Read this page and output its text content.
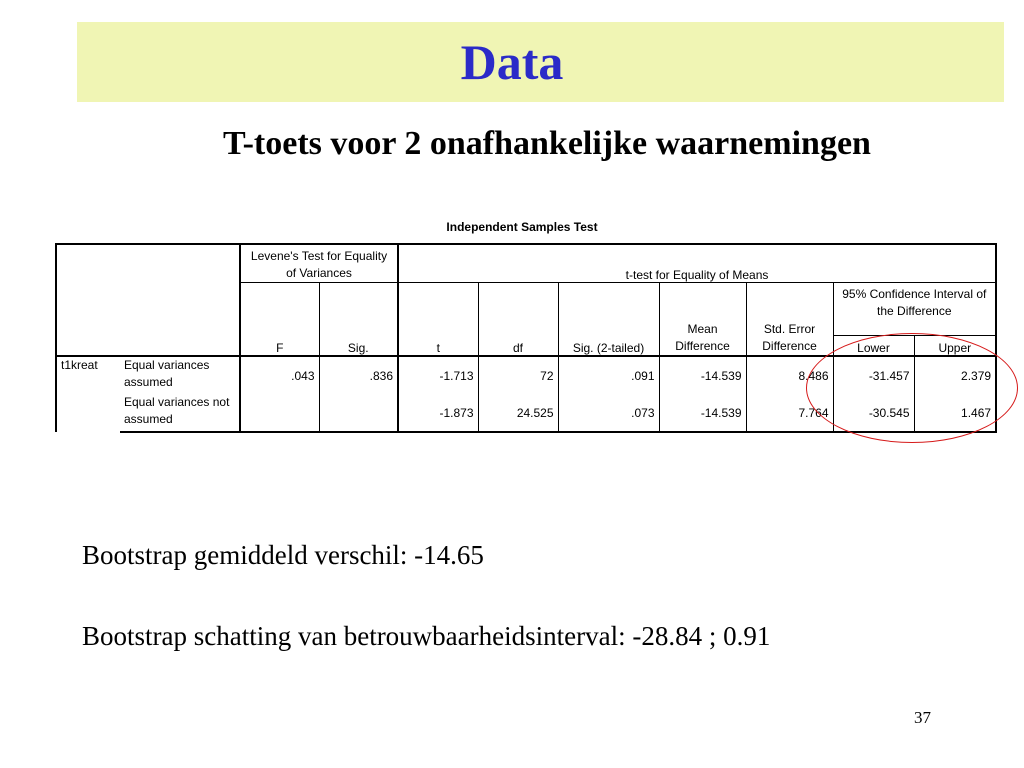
Data
T-toets voor 2 onafhankelijke waarnemingen
Independent Samples Test
		Levene's Test for Equality of Variances		t-test for Equality of Means						
		F	Sig.	t	df	Sig. (2-tailed)	Mean Difference	Std. Error Difference	95% Confidence Interval of the Difference	
									Lower	Upper
t1kreat	Equal variances assumed	.043	.836	-1.713	72	.091	-14.539	8.486	-31.457	2.379
	Equal variances not assumed			-1.873	24.525	.073	-14.539	7.764	-30.545	1.467
Bootstrap gemiddeld verschil: -14.65
Bootstrap schatting van betrouwbaarheidsinterval: -28.84 ; 0.91
37
